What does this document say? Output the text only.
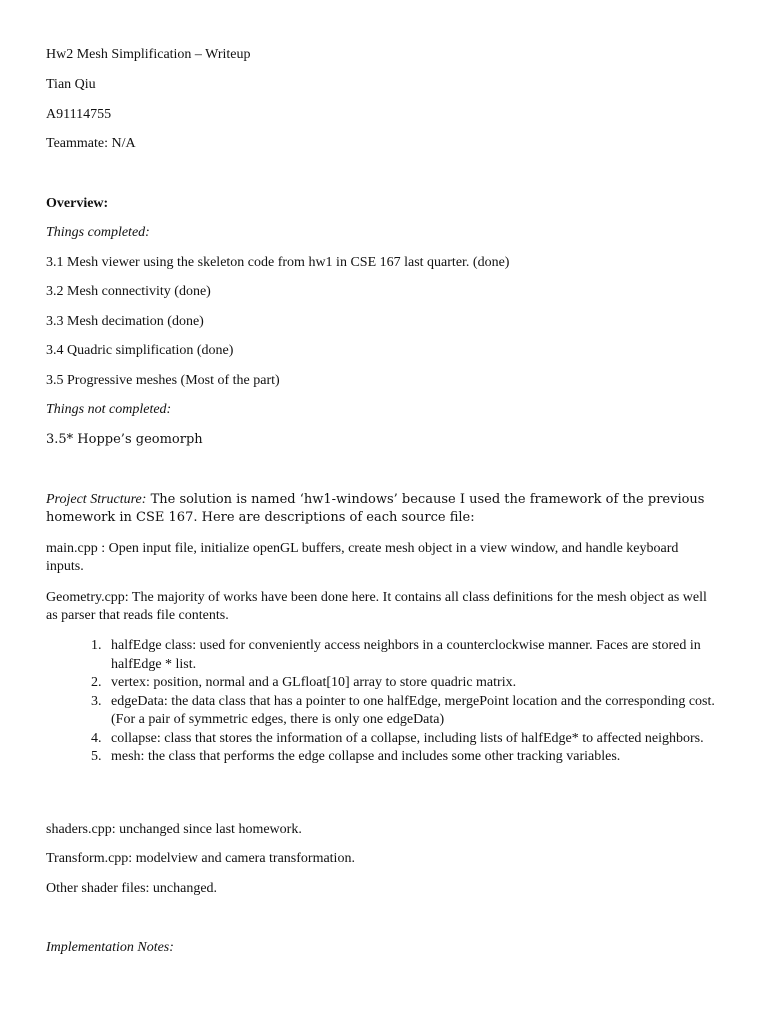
Hw2 Mesh Simplification – Writeup

Tian Qiu

A91114755

Teammate: N/A

Overview:

Things completed:

3.1 Mesh viewer using the skeleton code from hw1 in CSE 167 last quarter. (done)

3.2 Mesh connectivity (done)

3.3 Mesh decimation (done)

3.4 Quadric simplification (done)

3.5 Progressive meshes (Most of the part)

Things not completed:

3.5* Hoppe’s geomorph

Project Structure: The solution is named ‘hw1-windows’ because I used the framework of the previous homework in CSE 167. Here are descriptions of each source file:

main.cpp : Open input file, initialize openGL buffers, create mesh object in a view window, and handle keyboard inputs.

Geometry.cpp: The majority of works have been done here. It contains all class definitions for the mesh object as well as parser that reads file contents.

1. halfEdge class: used for conveniently access neighbors in a counterclockwise manner. Faces are stored in halfEdge * list.
2. vertex: position, normal and a GLfloat[10] array to store quadric matrix.
3. edgeData: the data class that has a pointer to one halfEdge, mergePoint location and the corresponding cost. (For a pair of symmetric edges, there is only one edgeData)
4. collapse: class that stores the information of a collapse, including lists of halfEdge* to affected neighbors.
5. mesh: the class that performs the edge collapse and includes some other tracking variables.

shaders.cpp: unchanged since last homework.

Transform.cpp: modelview and camera transformation.

Other shader files: unchanged.

Implementation Notes:
